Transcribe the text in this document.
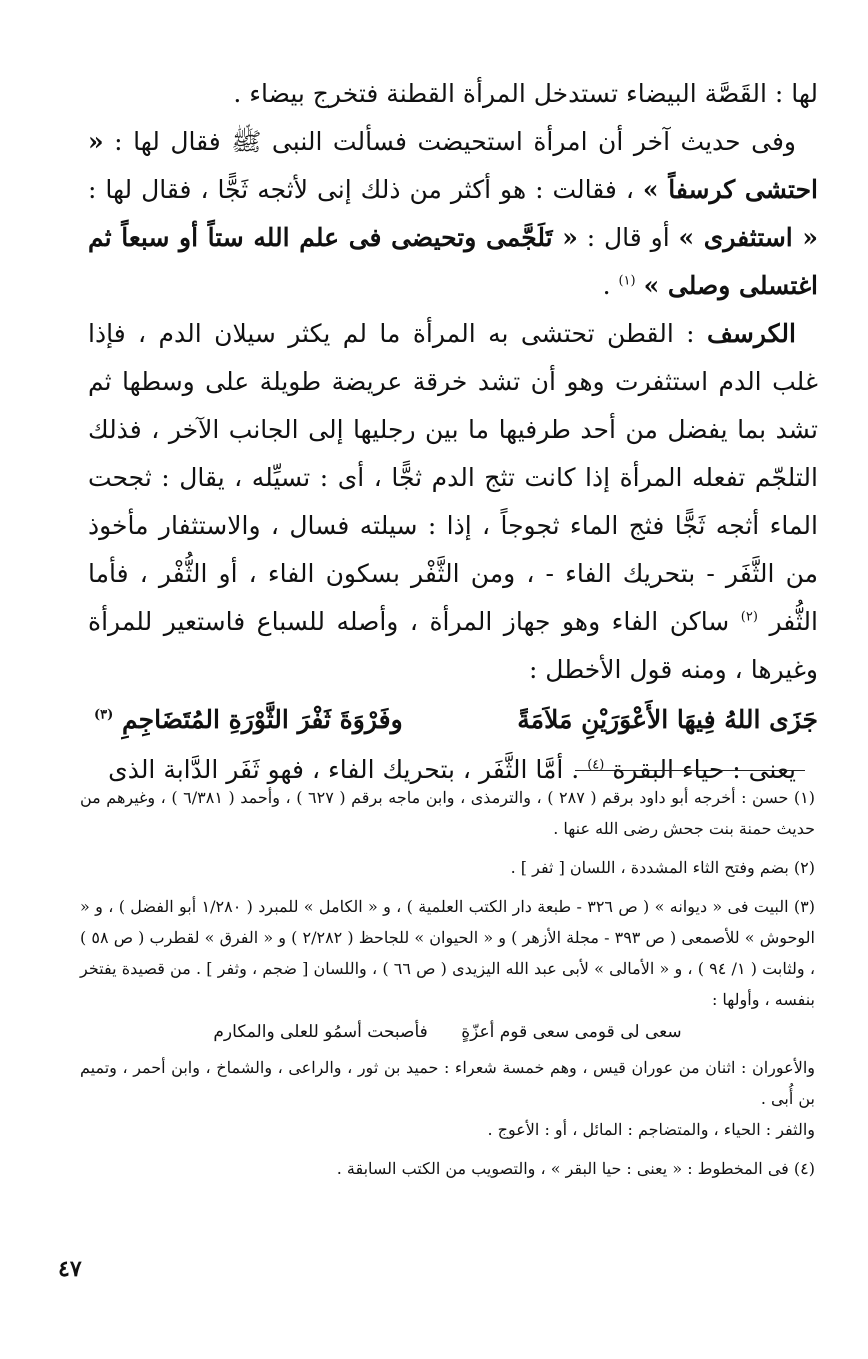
لها : القَصَّة البيضاء تستدخل المرأة القطنة فتخرج بيضاء .

وفى حديث آخر أن امرأة استحيضت فسألت النبى ﷺ فقال لها : « احتشى كرسفاً » ، فقالت : هو أكثر من ذلك إنى لأثجه ثَجًّا ، فقال لها : « استثفرى » أو قال : « تَلَجَّمى وتحيضى فى علم الله ستاً أو سبعاً ثم اغتسلى وصلى » $^{(١)}$ .

الكرسف : القطن تحتشى به المرأة ما لم يكثر سيلان الدم ، فإذا غلب الدم استثفرت وهو أن تشد خرقة عريضة طويلة على وسطها ثم تشد بما يفضل من أحد طرفيها ما بين رجليها إلى الجانب الآخر ، فذلك التلجّم تفعله المرأة إذا كانت تثج الدم ثجًّا ، أى : تسيِّله ، يقال : ثجحت الماء أثجه ثَجًّا فثج الماء ثجوجاً ، إذا : سيلته فسال ، والاستثفار مأخوذ من الثَّفَر - بتحريك الفاء - ، ومن الثَّفْر بسكون الفاء ، أو الثُّفْر ، فأما الثُّفر $^{(٢)}$ ساكن الفاء وهو جهاز المرأة ، وأصله للسباع فاستعير للمرأة وغيرها ، ومنه قول الأخطل :

جَزَى اللهُ فِيهَا الأَعْوَرَيْنِ مَلاَمَةً
وفَرْوَةَ ثَفْرَ الثَّوْرَةِ المُتَضَاجِمِ $^{(٣)}$

يعنى : حياء البقرة $^{(٤)}$ . أمَّا الثَّفَر ، بتحريك الفاء ، فهو ثَفَر الدَّابة الذى

(١) حسن : أخرجه أبو داود برقم ( ٢٨٧ ) ، والترمذى ، وابن ماجه برقم ( ٦٢٧ ) ، وأحمد ( ٦/٣٨١ ) ، وغيرهم من حديث حمنة بنت جحش رضى الله عنها .

(٢) بضم وفتح الثاء المشددة ، اللسان [ ثفر ] .

(٣) البيت فى « ديوانه » ( ص ٣٢٦ - طبعة دار الكتب العلمية ) ، و « الكامل » للمبرد ( ١/٢٨٠ أبو الفضل ) ، و « الوحوش » للأصمعى ( ص ٣٩٣ - مجلة الأزهر ) و « الحيوان » للجاحظ ( ٢/٢٨٢ ) و « الفرق » لقطرب ( ص ٥٨ ) ، ولثابت ( ١/ ٩٤ ) ، و « الأمالى » لأبى عبد الله اليزيدى ( ص ٦٦ ) ، واللسان [ ضجم ، وثفر ] . من قصيدة يفتخر بنفسه ، وأولها :

سعى لى قومى سعى قوم أعزّةٍ فأصبحت أسمُو للعلى والمكارم

والأعوران : اثنان من عوران قيس ، وهم خمسة شعراء : حميد بن ثور ، والراعى ، والشماخ ، وابن أحمر ، وتميم بن أُبى .

والثفر : الحياء ، والمتضاجم : المائل ، أو : الأعوج .

(٤) فى المخطوط : « يعنى : حيا البقر » ، والتصويب من الكتب السابقة .

٤٧
